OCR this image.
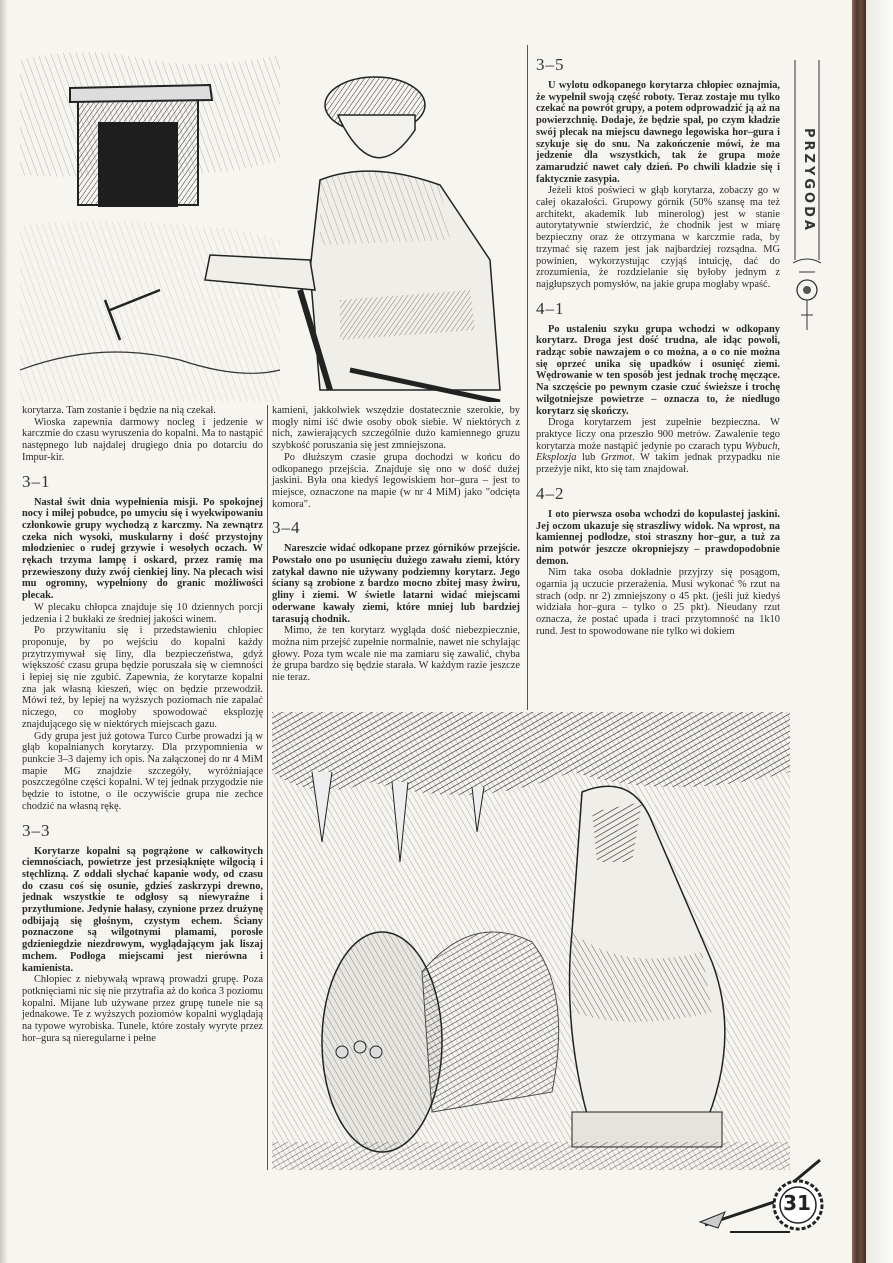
korytarza. Tam zostanie i będzie na nią czekał.

Wioska zapewnia darmowy nocleg i jedzenie w karczmie do czasu wyruszenia do kopalni. Ma to nastąpić następnego lub najdalej drugiego dnia po dotarciu do Impur-kir.

3–1

Nastał świt dnia wypełnienia misji. Po spokojnej nocy i miłej pobudce, po umyciu się i wyekwipowaniu członkowie grupy wychodzą z karczmy. Na zewnątrz czeka nich wysoki, muskularny i dość przystojny młodzieniec o rudej grzywie i wesołych oczach. W rękach trzyma lampę i oskard, przez ramię ma przewieszony duży zwój cienkiej liny. Na plecach wisi mu ogromny, wypełniony do granic możliwości plecak.

W plecaku chłopca znajduje się 10 dziennych porcji jedzenia i 2 bukłaki ze średniej jakości winem.

Po przywitaniu się i przedstawieniu chłopiec proponuje, by po wejściu do kopalni każdy przytrzymywał się liny, dla bezpieczeństwa, gdyż większość czasu grupa będzie poruszała się w ciemności i łepiej się nie zgubić. Zapewnia, że korytarze kopalni zna jak własną kieszeń, więc on będzie przewodził. Mówi też, by lepiej na wyższych poziomach nie zapalać niczego, co mogłoby spowodować eksplozję znajdującego się w niektórych miejscach gazu.

Gdy grupa jest już gotowa Turco Curbe prowadzi ją w głąb kopalnianych korytarzy. Dla przypomnienia w punkcie 3–3 dajemy ich opis. Na załączonej do nr 4 MiM mapie MG znajdzie szczegóły, wyróżniające poszczególne części kopalni. W tej jednak przygodzie nie będzie to istotne, o ile oczywiście grupa nie zechce chodzić na własną rękę.

3–3

Korytarze kopalni są pogrążone w całkowitych ciemnościach, powietrze jest przesiąknięte wilgocią i stęchlizną. Z oddali słychać kapanie wody, od czasu do czasu coś się osunie, gdzieś zaskrzypi drewno, jednak wszystkie te odgłosy są niewyraźne i przytłumione. Jedynie hałasy, czynione przez drużynę odbijają się głośnym, czystym echem. Ściany poznaczone są wilgotnymi plamami, porosłe gdzieniegdzie niezdrowym, wyglądającym jak liszaj mchem. Podłoga miejscami jest nierówna i kamienista.

Chłopiec z niebywałą wprawą prowadzi grupę. Poza potknięciami nic się nie przytrafia aż do końca 3 poziomu kopalni. Mijane lub używane przez grupę tunele nie są jednakowe. Te z wyższych poziomów kopalni wyglądają na typowe wyrobiska. Tunele, które zostały wyryte przez hor–gura są nieregularne i pełne

kamieni, jakkolwiek wszędzie dostatecznie szerokie, by mogły nimi iść dwie osoby obok siebie. W niektórych z nich, zawierających szczególnie dużo kamiennego gruzu szybkość poruszania się jest zmniejszona.

Po dłuższym czasie grupa dochodzi w końcu do odkopanego przejścia. Znajduje się ono w dość dużej jaskini. Była ona kiedyś legowiskiem hor–gura – jest to miejsce, oznaczone na mapie (w nr 4 MiM) jako "odcięta komora".

3–4

Nareszcie widać odkopane przez górników przejście. Powstało ono po usunięciu dużego zawału ziemi, który zatykał dawno nie używany podziemny korytarz. Jego ściany są zrobione z bardzo mocno zbitej masy żwiru, gliny i ziemi. W świetle latarni widać miejscami oderwane kawały ziemi, które mniej lub bardziej tarasują chodnik.

Mimo, że ten korytarz wygląda dość niebezpiecznie, można nim przejść zupełnie normalnie, nawet nie schylając głowy. Poza tym wcale nie ma zamiaru się zawalić, chyba że grupa bardzo się będzie starała. W każdym razie jeszcze nie teraz.

3–5

U wylotu odkopanego korytarza chłopiec oznajmia, że wypełnił swoją część roboty. Teraz zostaje mu tylko czekać na powrót grupy, a potem odprowadzić ją aż na powierzchnię. Dodaje, że będzie spał, po czym kładzie swój plecak na miejscu dawnego legowiska hor–gura i szykuje się do snu. Na zakończenie mówi, że ma jedzenie dla wszystkich, tak że grupa może zamarudzić nawet cały dzień. Po chwili kładzie się i faktycznie zasypia.

Jeżeli ktoś poświeci w głąb korytarza, zobaczy go w całej okazałości. Grupowy górnik (50% szansę ma też architekt, akademik lub minerolog) jest w stanie autorytatywnie stwierdzić, że chodnik jest w miarę bezpieczny oraz że otrzymana w karczmie rada, by trzymać się razem jest jak najbardziej rozsądna. MG powinien, wykorzystując czyjąś intuicję, dać do zrozumienia, że rozdzielanie się byłoby jednym z najgłupszych pomysłów, na jakie grupa mogłaby wpaść.

4–1

Po ustaleniu szyku grupa wchodzi w odkopany korytarz. Droga jest dość trudna, ale idąc powoli, radząc sobie nawzajem o co można, a o co nie można się oprzeć unika się upadków i osunięć ziemi. Wędrowanie w ten sposób jest jednak trochę męczące. Na szczęście po pewnym czasie czuć świeższe i trochę wilgotniejsze powietrze – oznacza to, że niedługo korytarz się skończy.

Droga korytarzem jest zupełnie bezpieczna. W praktyce liczy ona przeszło 900 metrów. Zawalenie tego korytarza może nastąpić jedynie po czarach typu Wybuch, Eksplozja lub Grzmot. W takim jednak przypadku nie przeżyje nikt, kto się tam znajdował.

4–2

I oto pierwsza osoba wchodzi do kopulastej jaskini. Jej oczom ukazuje się straszliwy widok. Na wprost, na kamiennej podłodze, stoi straszny hor–gur, a tuż za nim potwór jeszcze okropniejszy – prawdopodobnie demon.

Nim taka osoba dokładnie przyjrzy się posągom, ogarnia ją uczucie przerażenia. Musi wykonać % rzut na strach (odp. nr 2) zmniejszony o 45 pkt. (jeśli już kiedyś widziała hor–gura – tylko o 25 pkt). Nieudany rzut oznacza, że postać upada i traci przytomność na 1k10 rund. Jest to spowodowane nie tylko wi dokiem

PRZYGODA
31
